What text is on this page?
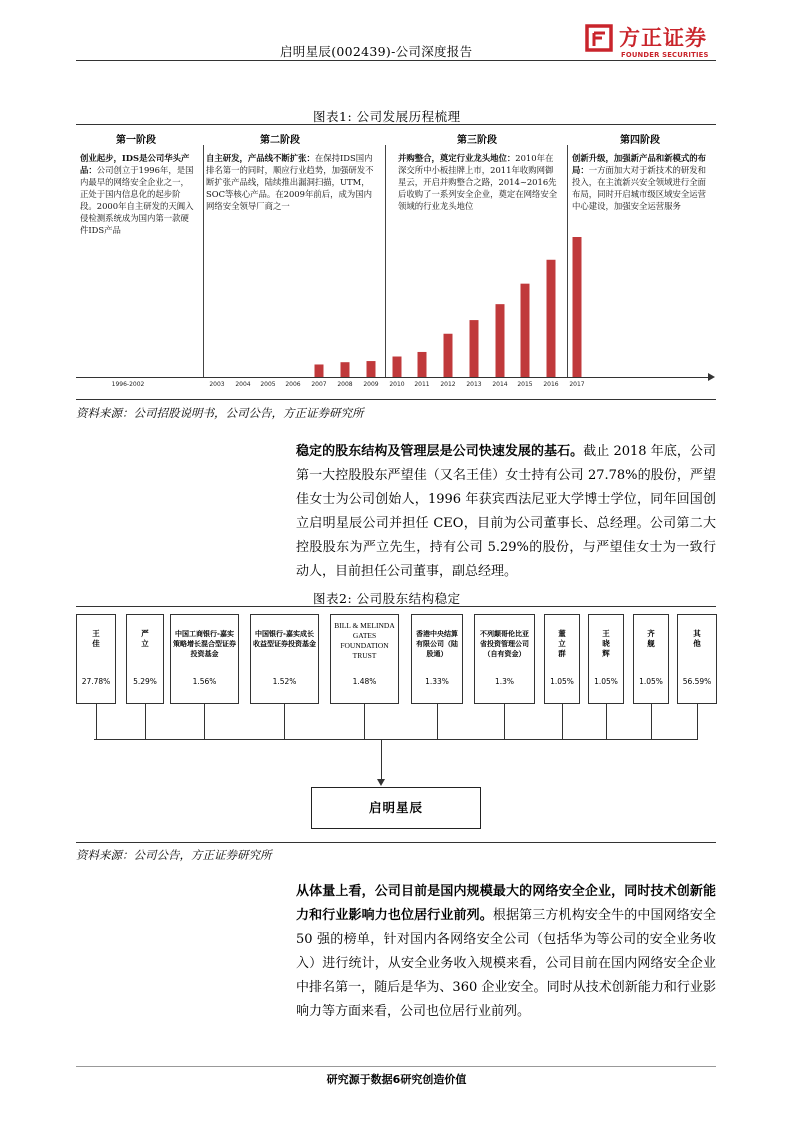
启明星辰(002439)-公司深度报告
方正证券
FOUNDER SECURITIES
图表1: 公司发展历程梳理
第一阶段	第二阶段	第三阶段	第四阶段
创业起步，IDS是公司华头产品：公司创立于1996年，是国内最早的网络安全企业之一，正处于国内信息化的起步阶段。2000年自主研发的天阗入侵检测系统成为国内第一款硬件IDS产品
自主研发，产品线不断扩张：在保持IDS国内排名第一的同时，顺应行业趋势，加强研发不断扩张产品线，陆续推出漏洞扫描，UTM，SOC等核心产品。在2009年前后，成为国内网络安全领导厂商之一
并购整合，奠定行业龙头地位：2010年在深交所中小板挂牌上市，2011年收购网御星云，开启并购整合之路，2014~2016先后收购了一系列安全企业，奠定在网络安全领域的行业龙头地位
创新升级，加强新产品和新模式的布局：一方面加大对于新技术的研发和投入，在主流新兴安全领域进行全面布局，同时开启城市级区域安全运营中心建设，加强安全运营服务
1996-2002	2003	2004	2005	2006	2007	2008	2009	2010	2011	2012	2013	2014	2015	2016	2017
资料来源：公司招股说明书，公司公告，方正证券研究所
稳定的股东结构及管理层是公司快速发展的基石。截止 2018 年底，公司第一大控股股东严望佳（又名王佳）女士持有公司 27.78%的股份，严望佳女士为公司创始人，1996 年获宾西法尼亚大学博士学位，同年回国创立启明星辰公司并担任 CEO，目前为公司董事长、总经理。公司第二大控股股东为严立先生，持有公司 5.29%的股份，与严望佳女士为一致行动人，目前担任公司董事，副总经理。
图表2: 公司股东结构稳定
王佳
27.78%
严立
5.29%
中国工商银行-嘉实策略增长混合型证券投资基金
1.56%
中国银行-嘉实成长收益型证券投资基金
1.52%
BILL & MELINDA GATES FOUNDATION TRUST
1.48%
香港中央结算有限公司（陆股通）
1.33%
不列颠哥伦比亚省投资管理公司（自有资金）
1.3%
董立群
1.05%
王晓辉
1.05%
齐舰
1.05%
其他
56.59%
启明星辰
资料来源：公司公告，方正证券研究所
从体量上看，公司目前是国内规模最大的网络安全企业，同时技术创新能力和行业影响力也位居行业前列。根据第三方机构安全牛的中国网络安全 50 强的榜单，针对国内各网络安全公司（包括华为等公司的安全业务收入）进行统计，从安全业务收入规模来看，公司目前在国内网络安全企业中排名第一，随后是华为、360 企业安全。同时从技术创新能力和行业影响力等方面来看，公司也位居行业前列。
研究源于数据6研究创造价值
